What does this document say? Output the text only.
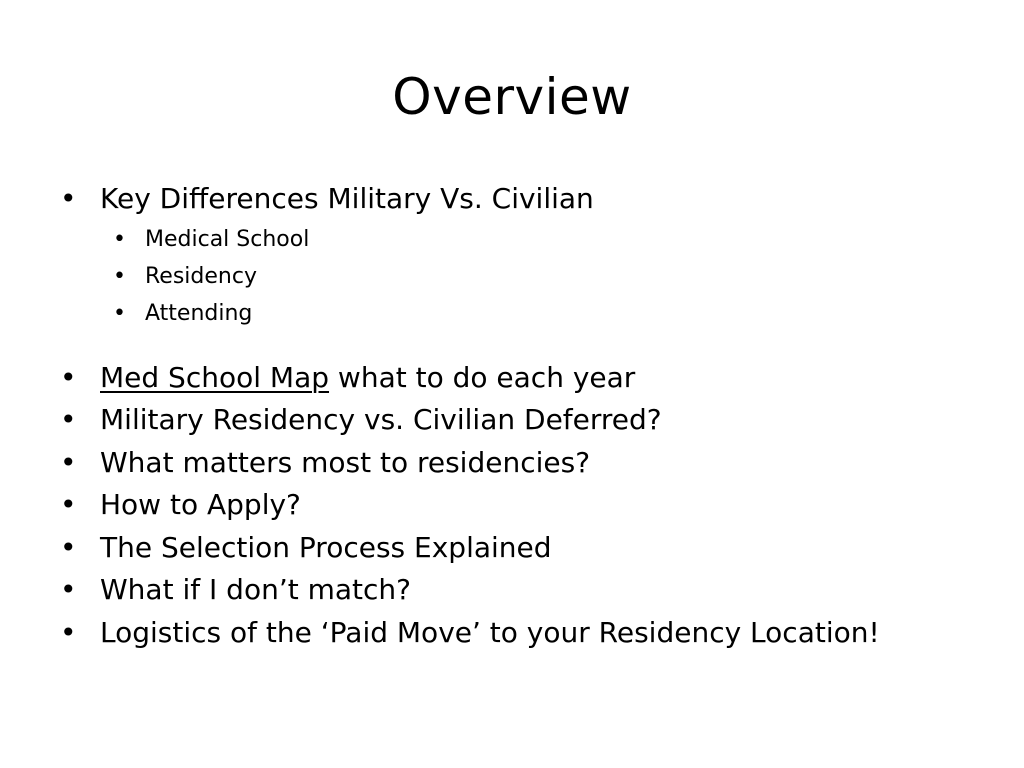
Overview
• Key Differences Military Vs. Civilian
• Medical School
• Residency
• Attending
• Med School Map what to do each year
• Military Residency vs. Civilian Deferred?
• What matters most to residencies?
• How to Apply?
• The Selection Process Explained
• What if I don’t match?
• Logistics of the ‘Paid Move’ to your Residency Location!
